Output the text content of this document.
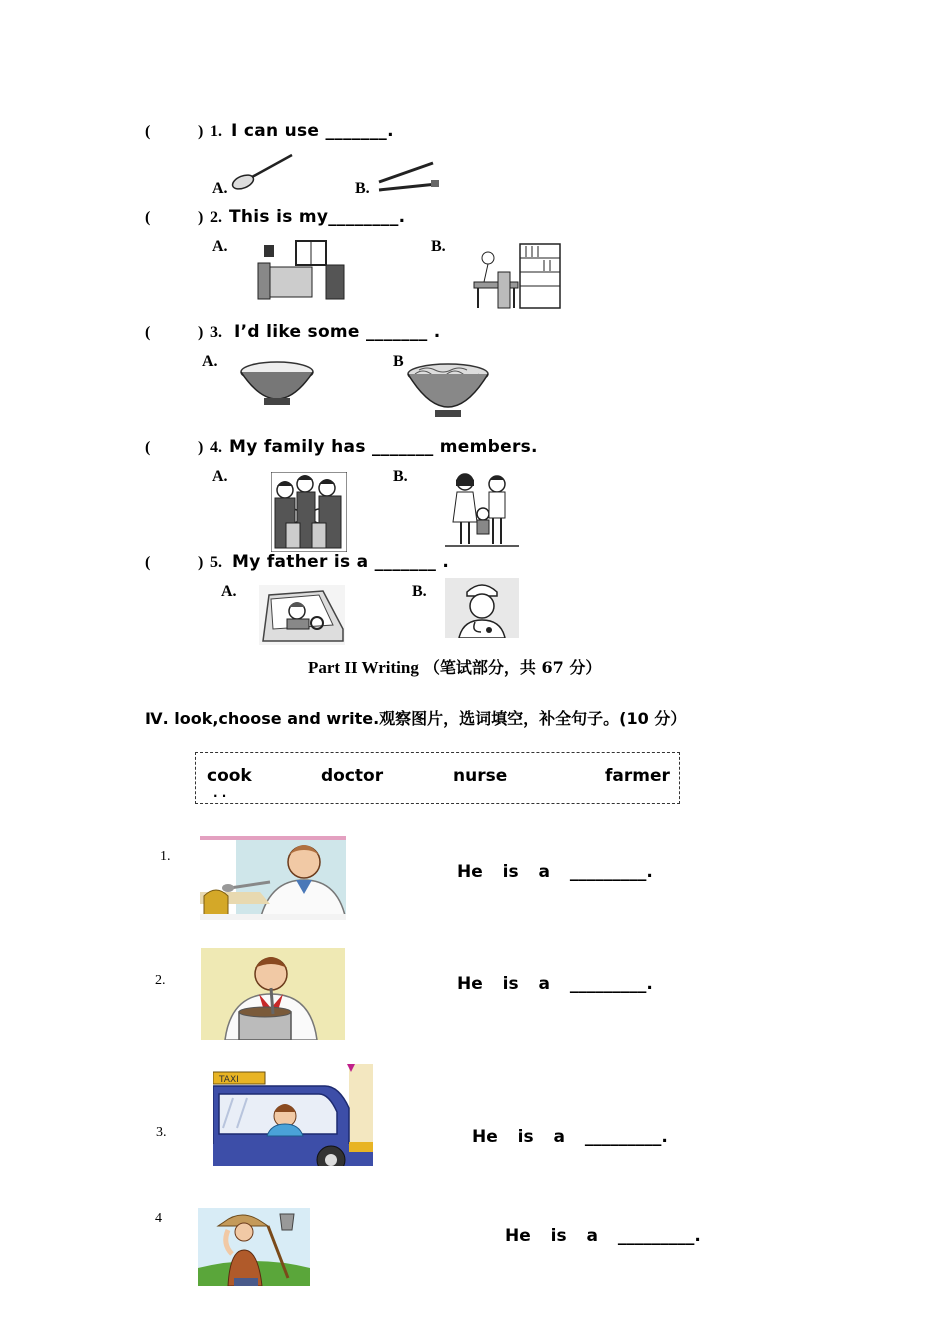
(	) 1. I can use _______.
A.	B.
(	) 2. This is my________.
A.	B.
(	) 3. I’d like some _______ .
A.	B
(	) 4. My family has _______ members.
A.	B.
(	) 5. My father is a _______ .
A.	B.
Part II Writing （笔试部分，共 67 分）
Ⅳ. look,choose and write.观察图片，选词填空，补全句子。(10 分）
cook	doctor	nurse	farmer
. .
1.
He is a _________.
2.	He is a _________.
3.
TAXI
He is a _________.
4
He is a _________.
